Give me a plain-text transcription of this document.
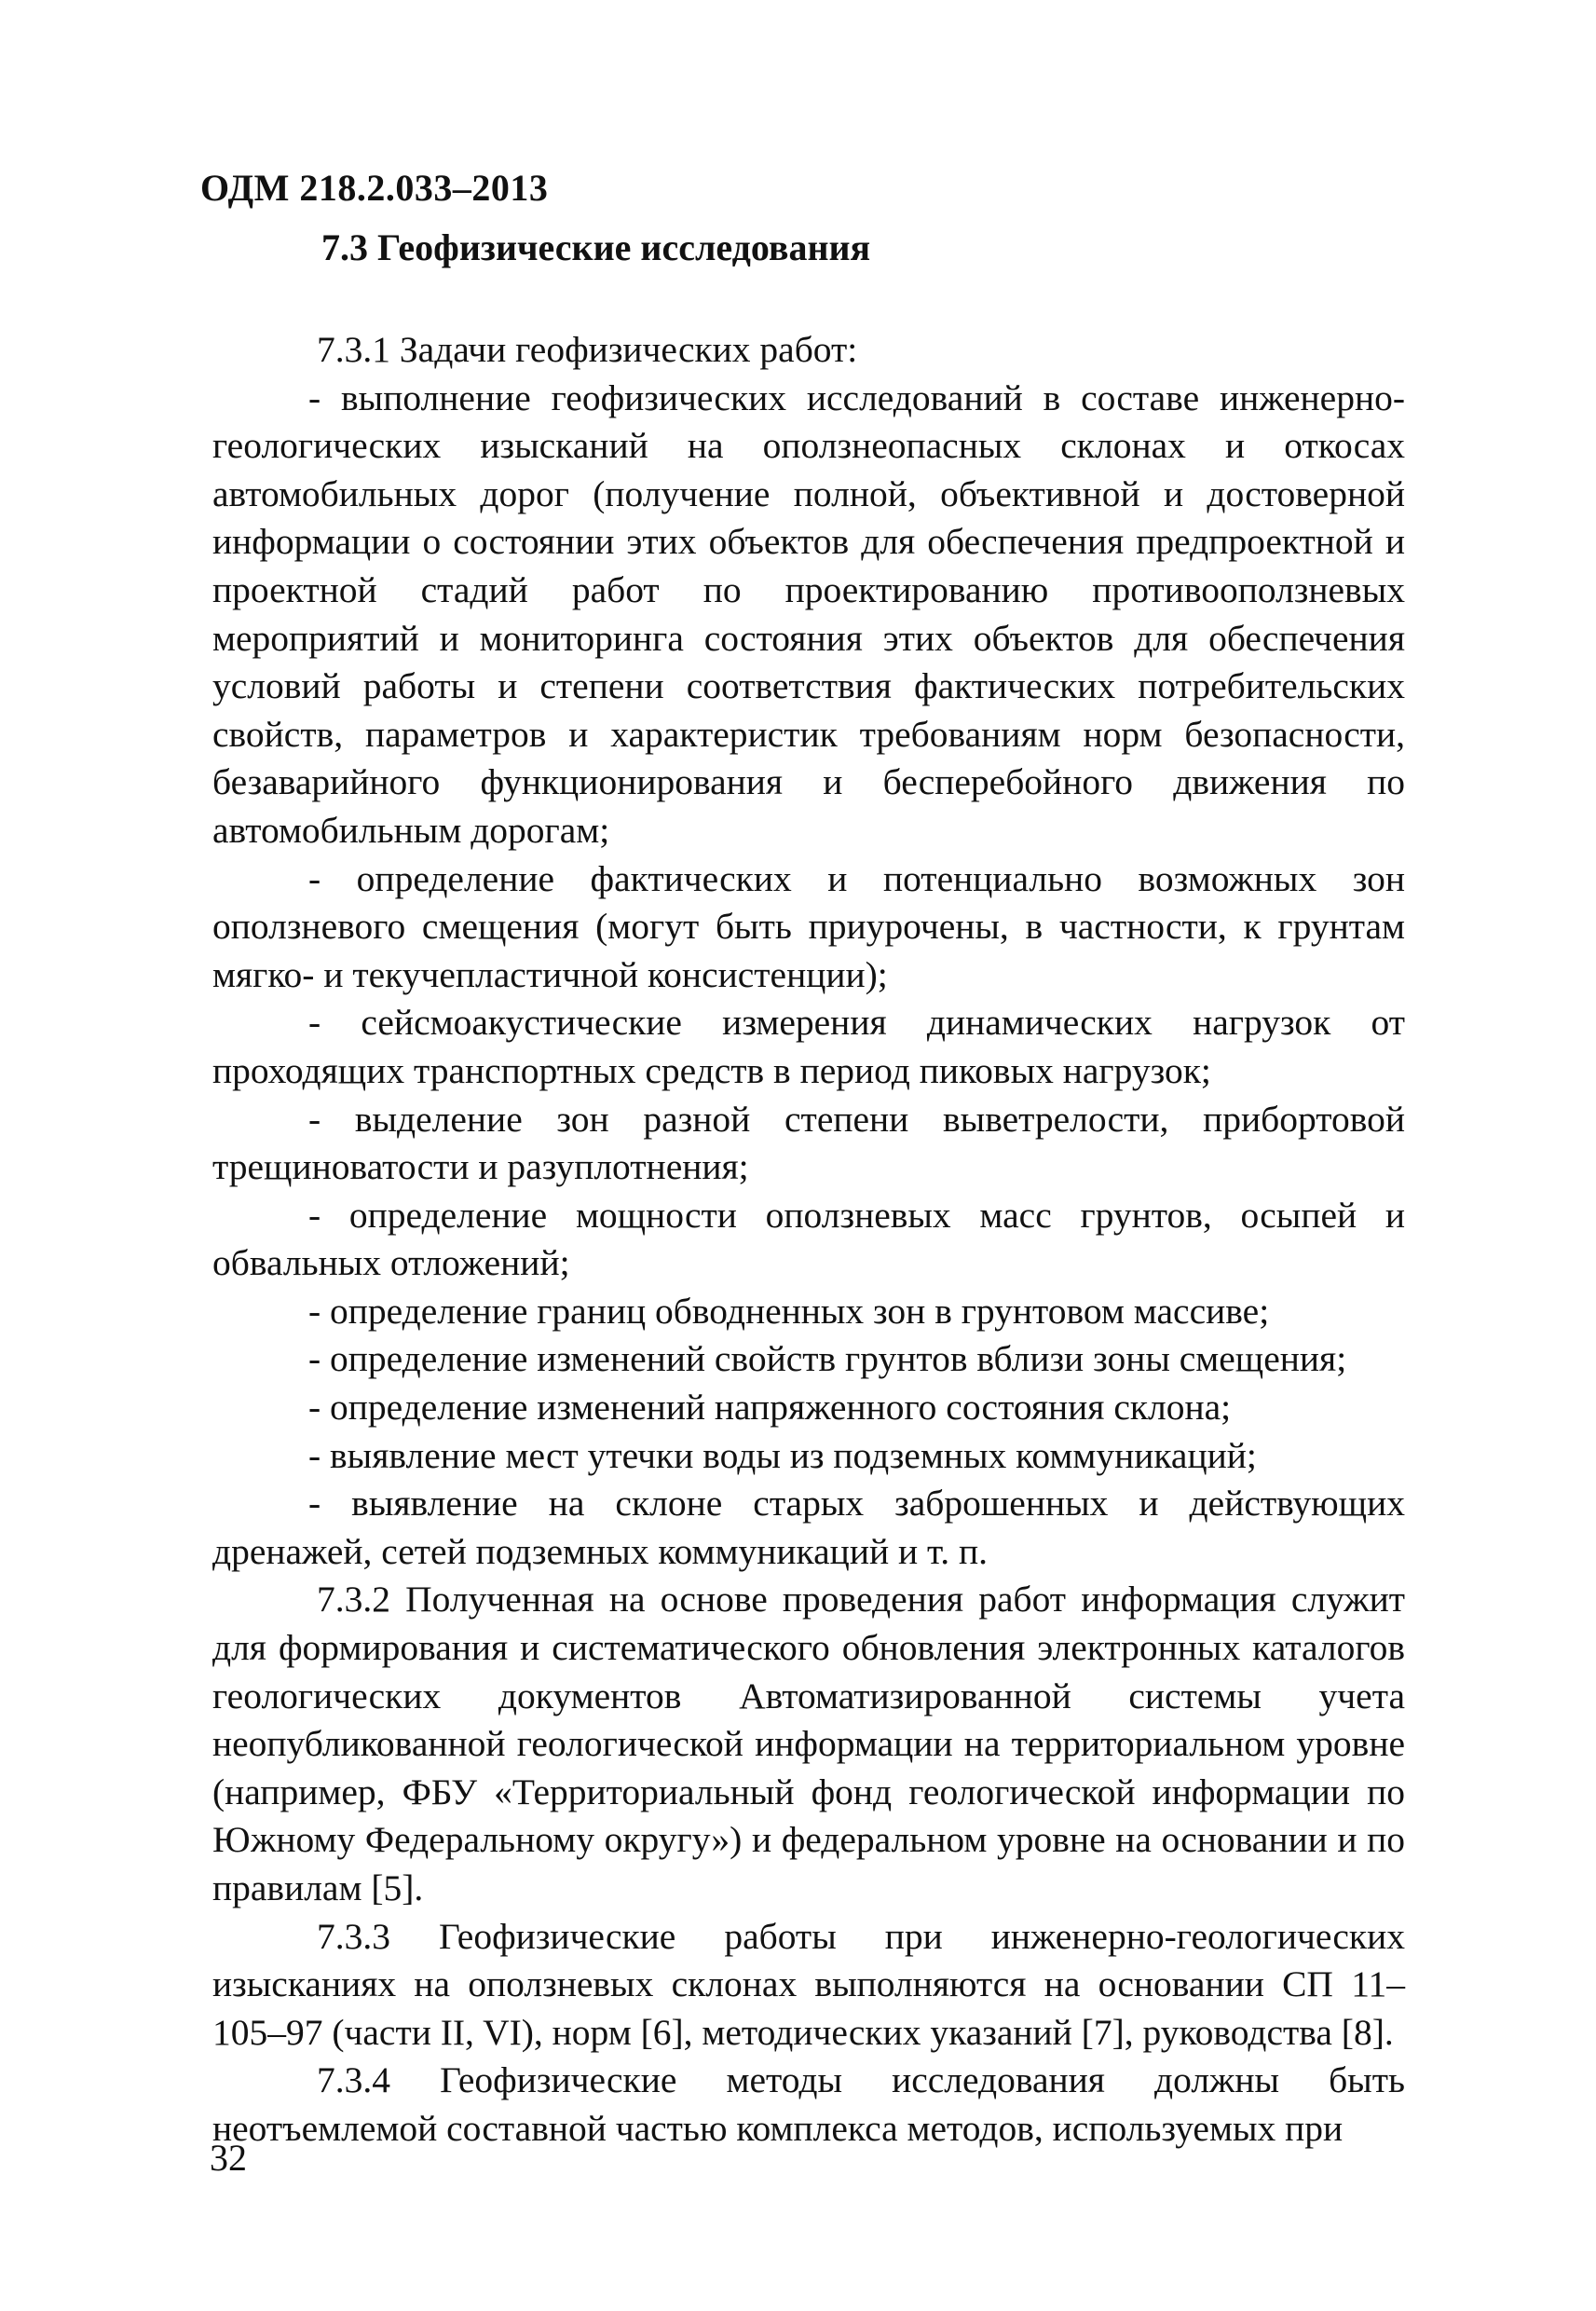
ОДМ 218.2.033–2013
7.3 Геофизические исследования

7.3.1 Задачи геофизических работ:

- выполнение геофизических исследований в составе инженерно-геологических изысканий на оползнеопасных склонах и откосах автомобильных дорог (получение полной, объективной и достоверной информации о состоянии этих объектов для обеспечения предпроектной и проектной стадий работ по проектированию противооползневых мероприятий и мониторинга состояния этих объектов для обеспечения условий работы и степени соответствия фактических потребительских свойств, параметров и характеристик требованиям норм безопасности, безаварийного функционирования и бесперебойного движения по автомобильным дорогам;

- определение фактических и потенциально возможных зон оползневого смещения (могут быть приурочены, в частности, к грунтам мягко- и текучепластичной консистенции);

- сейсмоакустические измерения динамических нагрузок от проходящих транспортных средств в период пиковых нагрузок;

- выделение зон разной степени выветрелости, прибортовой трещиноватости и разуплотнения;

- определение мощности оползневых масс грунтов, осыпей и обвальных отложений;

- определение границ обводненных зон в грунтовом массиве;

- определение изменений свойств грунтов вблизи зоны смещения;

- определение изменений напряженного состояния склона;

- выявление мест утечки воды из подземных коммуникаций;

- выявление на склоне старых заброшенных и действующих дренажей, сетей подземных коммуникаций и т. п.

7.3.2 Полученная на основе проведения работ информация служит для формирования и систематического обновления электронных каталогов геологических документов Автоматизированной системы учета неопубликованной геологической информации на территориальном уровне (например, ФБУ «Территориальный фонд геологической информации по Южному Федеральному округу») и федеральном уровне на основании и по правилам [5].

7.3.3 Геофизические работы при инженерно-геологических изысканиях на оползневых склонах выполняются на основании СП 11–105–97 (части II, VI), норм [6], методических указаний [7], руководства [8].

7.3.4 Геофизические методы исследования должны быть неотъемлемой составной частью комплекса методов, используемых при

32
